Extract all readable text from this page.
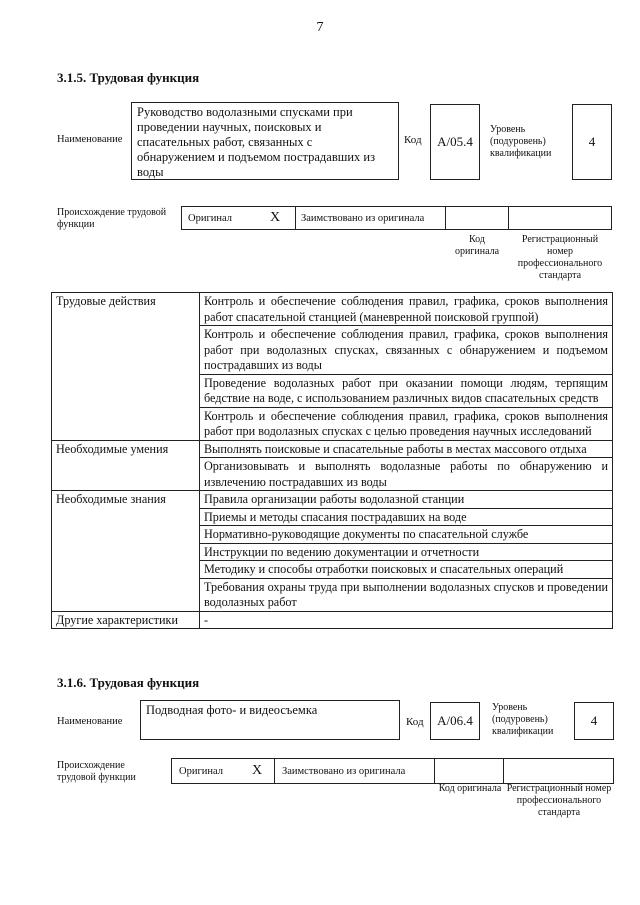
7
3.1.5. Трудовая функция
Наименование
Руководство водолазными спусками при проведении научных, поисковых и спасательных работ, связанных с обнаружением и подъемом пострадавших из воды
Код	A/05.4
Уровень (подуровень) квалификации
4
Происхождение трудовой функции
Оригинал	X	Заимствовано из оригинала
Код оригинала
Регистрационный номер профессионального стандарта
Трудовые действия	Контроль и обеспечение соблюдения правил, графика, сроков выполнения работ спасательной станцией (маневренной поисковой группой)
	Контроль и обеспечение соблюдения правил, графика, сроков выполнения работ при водолазных спусках, связанных с обнаружением и подъемом пострадавших из воды
	Проведение водолазных работ при оказании помощи людям, терпящим бедствие на воде, с использованием различных видов спасательных средств
	Контроль и обеспечение соблюдения правил, графика, сроков выполнения работ при водолазных спусках с целью проведения научных исследований
Необходимые умения	Выполнять поисковые и спасательные работы в местах массового отдыха
	Организовывать и выполнять водолазные работы по обнаружению и извлечению пострадавших из воды
Необходимые знания	Правила организации работы водолазной станции
	Приемы и методы спасания пострадавших на воде
	Нормативно-руководящие документы по спасательной службе
	Инструкции по ведению документации и отчетности
	Методику и способы отработки поисковых и спасательных операций
	Требования охраны труда при выполнении водолазных спусков и проведении водолазных работ
Другие характеристики	-
3.1.6. Трудовая функция
Наименование
Подводная фото- и видеосъемка
Код	A/06.4
Уровень (подуровень) квалификации
4
Происхождение трудовой функции
Оригинал X	Заимствовано из оригинала
Код оригинала Регистрационный номер профессионального стандарта
